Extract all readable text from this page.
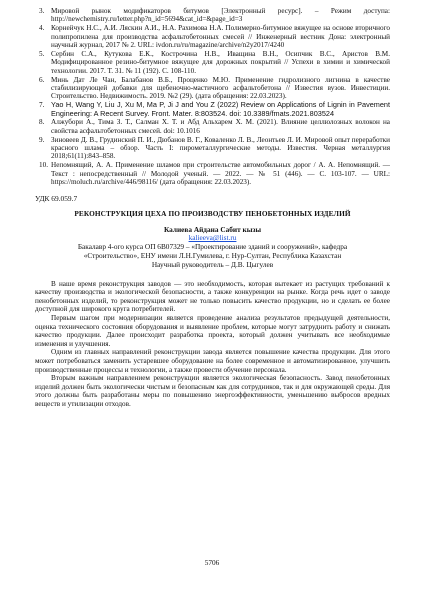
3. Мировой рынок модификаторов битумов [Электронный ресурс]. – Режим доступа: http://newchemistry.ru/letter.php?n_id=5694&cat_id=&page_id=3
4. Корнейчук Н.С., А.И. Ляскин А.И., Н.А. Рахимова Н.А. Полимерно-битумное вяжущее на основе вторичного полипропилена для производства асфальтобетонных смесей // Инженерный вестник Дона: электронный научный журнал, 2017 № 2. URL: ivdon.ru/ru/magazine/archive/n2y2017/4240
5. Сербин С.А., Кутукова Е.К., Кострочина Н.В., Иващина В.Н., Осипчик В.С., Аристов В.М. Модифицированное резино-битумное вяжущее для дорожных покрытий // Успехи в химии и химической технологии. 2017. Т. 31. № 11 (192). С. 108-110.
6. Минь Дат Ле Чан, Балабанов В.Б., Проценко М.Ю. Применение гидролизного лигнина в качестве стабилизирующей добавки для щебеночно-мастичного асфальтобетона // Известия вузов. Инвестиции. Строительство. Недвижимость. 2019. №2 (29). (дата обращения: 22.03.2023).
7. Yao H, Wang Y, Liu J, Xu M, Ma P, Ji J and You Z (2022) Review on Applications of Lignin in Pavement Engineering: A Recent Survey. Front. Mater. 8:803524. doi: 10.3389/fmats.2021.803524
8. Алжубори А., Тима З. Т., Салман Х. Т. и Абд Альхарем Х. М. (2021). Влияние целлюлозных волокон на свойства асфальтобетонных смесей. doi: 10.1016
9. Зиновеев Д. В., Грудинский П. И., Дюбанов В. Г., Коваленко Л. В., Леонтьев Л. И. Мировой опыт переработки красного шлама – обзор. Часть I: пирометаллургические методы. Известия. Черная металлургия 2018;61(11):843–858.
10. Непомнящий, А. А. Применение шламов при строительстве автомобильных дорог / А. А. Непомнящий. — Текст : непосредственный // Молодой ученый. — 2022. — № 51 (446). — С. 103-107. — URL: https://moluch.ru/archive/446/98116/ (дата обращения: 22.03.2023).
УДК 69.059.7
РЕКОНСТРУКЦИЯ ЦЕХА ПО ПРОИЗВОДСТВУ ПЕНОБЕТОННЫХ ИЗДЕЛИЙ
Калиева Айдана Сабит кызы
kalieeva@list.ru
Бакалавр 4-ого курса ОП 6В07329 – «Проектирование зданий и сооружений», кафедра
«Строительство», ЕНУ имени Л.Н.Гумилева, г. Нур-Султан, Республика Казахстан
Научный руководитель – Д.В. Цыгулев

В наше время реконструкция заводов — это необходимость, которая вытекает из растущих требований к качеству производства и экологической безопасности, а также конкуренции на рынке. Когда речь идет о заводе пенобетонных изделий, то реконструкция может не только повысить качество продукции, но и сделать ее более доступной для широкого круга потребителей.

Первым шагом при модернизации является проведение анализа результатов предыдущей деятельности, оценка технического состояния оборудования и выявление проблем, которые могут затруднить работу и снижать качество продукции. Далее происходит разработка проекта, который должен учитывать все необходимые изменения и улучшения.

Одним из главных направлений реконструкции завода является повышение качества продукции. Для этого может потребоваться заменить устаревшее оборудование на более современное и автоматизированное, улучшить производственные процессы и технологии, а также провести обучение персонала.

Вторым важным направлением реконструкции является экологическая безопасность. Завод пенобетонных изделий должен быть экологически чистым и безопасным как для сотрудников, так и для окружающей среды. Для этого должны быть разработаны меры по повышению энергоэффективности, уменьшению выбросов вредных веществ и утилизации отходов.

5706
